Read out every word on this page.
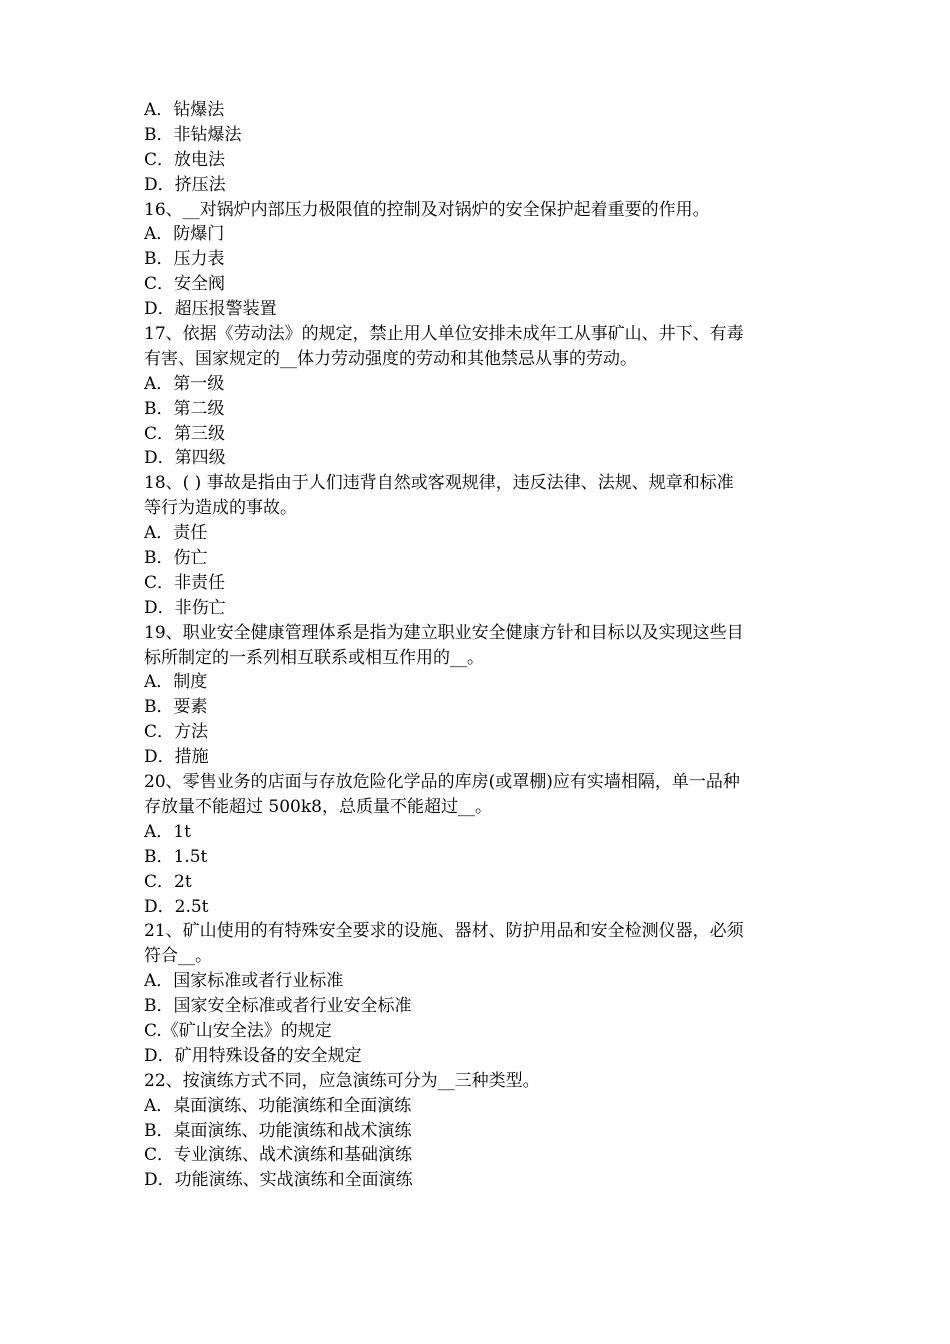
A．钻爆法
B．非钻爆法
C．放电法
D．挤压法
16、__对锅炉内部压力极限值的控制及对锅炉的安全保护起着重要的作用。
A．防爆门
B．压力表
C．安全阀
D．超压报警装置
17、依据《劳动法》的规定，禁止用人单位安排未成年工从事矿山、井下、有毒
有害、国家规定的__体力劳动强度的劳动和其他禁忌从事的劳动。
A．第一级
B．第二级
C．第三级
D．第四级
18、( ) 事故是指由于人们违背自然或客观规律，违反法律、法规、规章和标准
等行为造成的事故。
A．责任
B．伤亡
C．非责任
D．非伤亡
19、职业安全健康管理体系是指为建立职业安全健康方针和目标以及实现这些目
标所制定的一系列相互联系或相互作用的__。
A．制度
B．要素
C．方法
D．措施
20、零售业务的店面与存放危险化学品的库房(或罩棚)应有实墙相隔，单一品种
存放量不能超过 500k8，总质量不能超过__。
A．1t
B．1.5t
C．2t
D．2.5t
21、矿山使用的有特殊安全要求的设施、器材、防护用品和安全检测仪器，必须
符合__。
A．国家标准或者行业标准
B．国家安全标准或者行业安全标准
C.《矿山安全法》的规定
D．矿用特殊设备的安全规定
22、按演练方式不同，应急演练可分为__三种类型。
A．桌面演练、功能演练和全面演练
B．桌面演练、功能演练和战术演练
C．专业演练、战术演练和基础演练
D．功能演练、实战演练和全面演练
